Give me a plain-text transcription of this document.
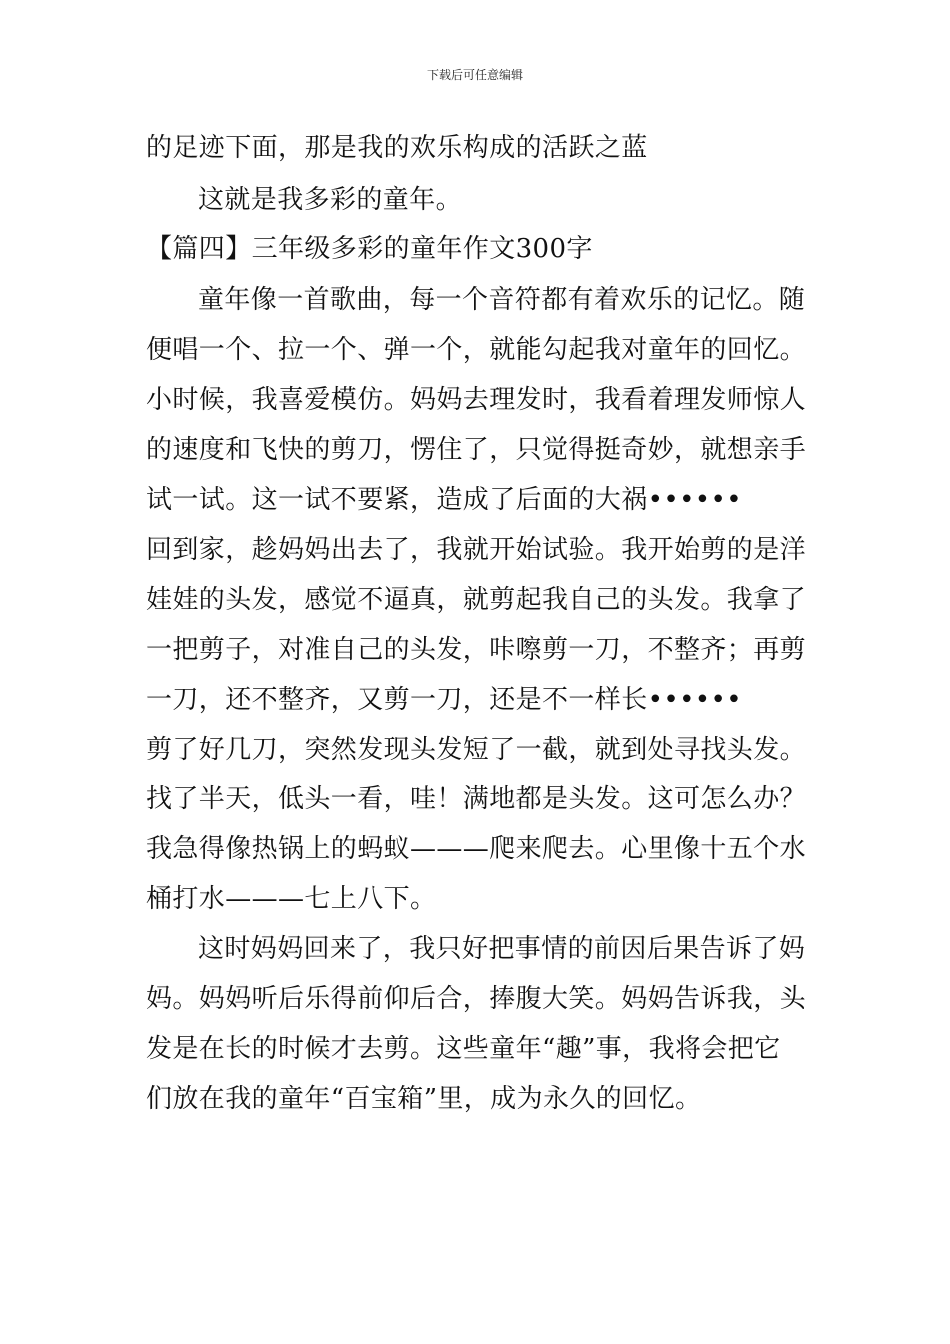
下载后可任意编辑
的足迹下面，那是我的欢乐构成的活跃之蓝
这就是我多彩的童年。
【篇四】三年级多彩的童年作文300字
童年像一首歌曲，每一个音符都有着欢乐的记忆。随
便唱一个、拉一个、弹一个，就能勾起我对童年的回忆。
小时候，我喜爱模仿。妈妈去理发时，我看着理发师惊人
的速度和飞快的剪刀，愣住了，只觉得挺奇妙，就想亲手
试一试。这一试不要紧，造成了后面的大祸••••••
回到家，趁妈妈出去了，我就开始试验。我开始剪的是洋
娃娃的头发，感觉不逼真，就剪起我自己的头发。我拿了
一把剪子，对准自己的头发，咔嚓剪一刀，不整齐；再剪
一刀，还不整齐，又剪一刀，还是不一样长••••••
剪了好几刀，突然发现头发短了一截，就到处寻找头发。
找了半天，低头一看，哇！满地都是头发。这可怎么办？
我急得像热锅上的蚂蚁———爬来爬去。心里像十五个水
桶打水———七上八下。
这时妈妈回来了，我只好把事情的前因后果告诉了妈
妈。妈妈听后乐得前仰后合，捧腹大笑。妈妈告诉我，头
发是在长的时候才去剪。这些童年“趣”事，我将会把它
们放在我的童年“百宝箱”里，成为永久的回忆。
